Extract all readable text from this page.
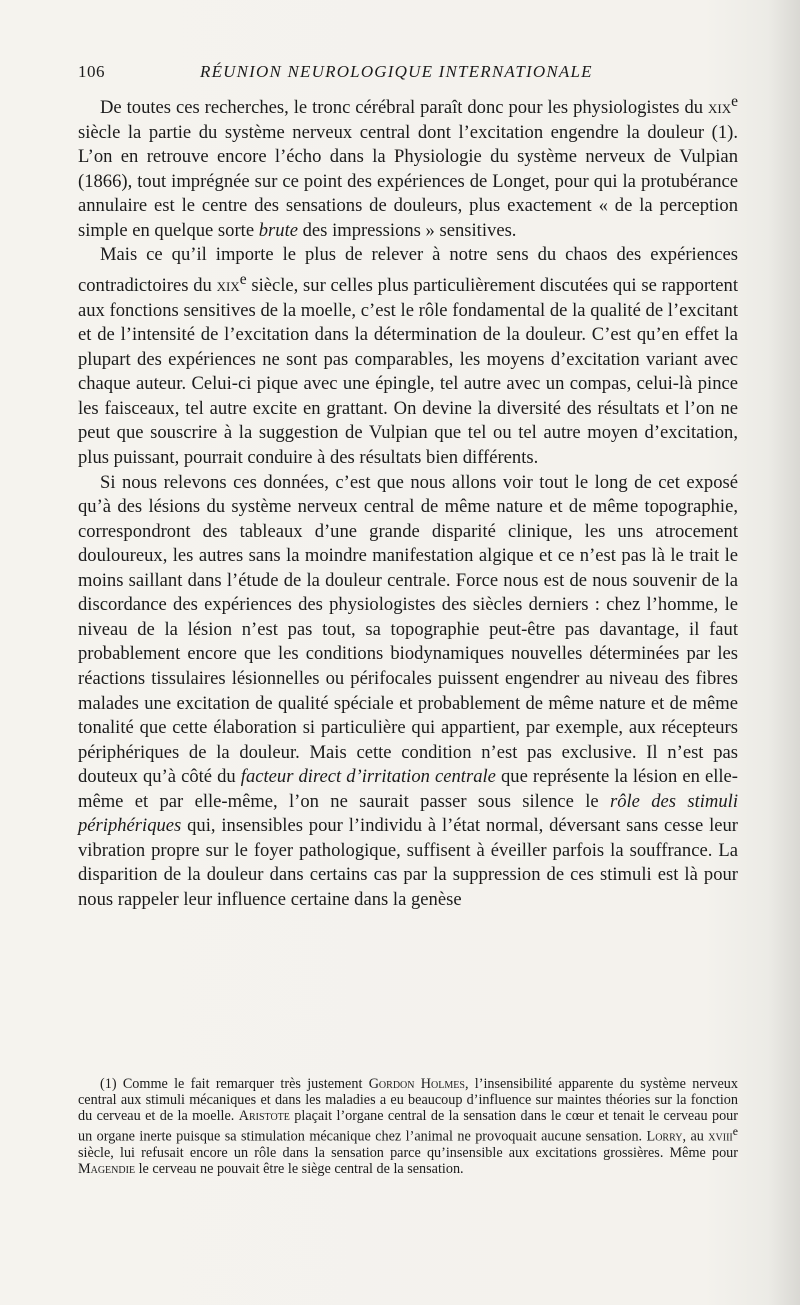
106	RÉUNION NEUROLOGIQUE INTERNATIONALE

De toutes ces recherches, le tronc cérébral paraît donc pour les physiologistes du xix$^e$ siècle la partie du système nerveux central dont l’excitation engendre la douleur (1). L’on en retrouve encore l’écho dans la Physiologie du système nerveux de Vulpian (1866), tout imprégnée sur ce point des expériences de Longet, pour qui la protubérance annulaire est le centre des sensations de douleurs, plus exactement « de la perception simple en quelque sorte brute des impressions » sensitives.

Mais ce qu’il importe le plus de relever à notre sens du chaos des expériences contradictoires du xix$^e$ siècle, sur celles plus particulièrement discutées qui se rapportent aux fonctions sensitives de la moelle, c’est le rôle fondamental de la qualité de l’excitant et de l’intensité de l’excitation dans la détermination de la douleur. C’est qu’en effet la plupart des expériences ne sont pas comparables, les moyens d’excitation variant avec chaque auteur. Celui-ci pique avec une épingle, tel autre avec un compas, celui-là pince les faisceaux, tel autre excite en grattant. On devine la diversité des résultats et l’on ne peut que souscrire à la suggestion de Vulpian que tel ou tel autre moyen d’excitation, plus puissant, pourrait conduire à des résultats bien différents.

Si nous relevons ces données, c’est que nous allons voir tout le long de cet exposé qu’à des lésions du système nerveux central de même nature et de même topographie, correspondront des tableaux d’une grande disparité clinique, les uns atrocement douloureux, les autres sans la moindre manifestation algique et ce n’est pas là le trait le moins saillant dans l’étude de la douleur centrale. Force nous est de nous souvenir de la discordance des expériences des physiologistes des siècles derniers : chez l’homme, le niveau de la lésion n’est pas tout, sa topographie peut-être pas davantage, il faut probablement encore que les conditions biodynamiques nouvelles déterminées par les réactions tissulaires lésionnelles ou périfocales puissent engendrer au niveau des fibres malades une excitation de qualité spéciale et probablement de même nature et de même tonalité que cette élaboration si particulière qui appartient, par exemple, aux récepteurs périphériques de la douleur. Mais cette condition n’est pas exclusive. Il n’est pas douteux qu’à côté du facteur direct d’irritation centrale que représente la lésion en elle-même et par elle-même, l’on ne saurait passer sous silence le rôle des stimuli périphériques qui, insensibles pour l’individu à l’état normal, déversant sans cesse leur vibration propre sur le foyer pathologique, suffisent à éveiller parfois la souffrance. La disparition de la douleur dans certains cas par la suppression de ces stimuli est là pour nous rappeler leur influence certaine dans la genèse

(1) Comme le fait remarquer très justement Gordon Holmes, l’insensibilité apparente du système nerveux central aux stimuli mécaniques et dans les maladies a eu beaucoup d’influence sur maintes théories sur la fonction du cerveau et de la moelle. Aristote plaçait l’organe central de la sensation dans le cœur et tenait le cerveau pour un organe inerte puisque sa stimulation mécanique chez l’animal ne provoquait aucune sensation. Lorry, au xviii$^e$ siècle, lui refusait encore un rôle dans la sensation parce qu’insensible aux excitations grossières. Même pour Magendie le cerveau ne pouvait être le siège central de la sensation.
